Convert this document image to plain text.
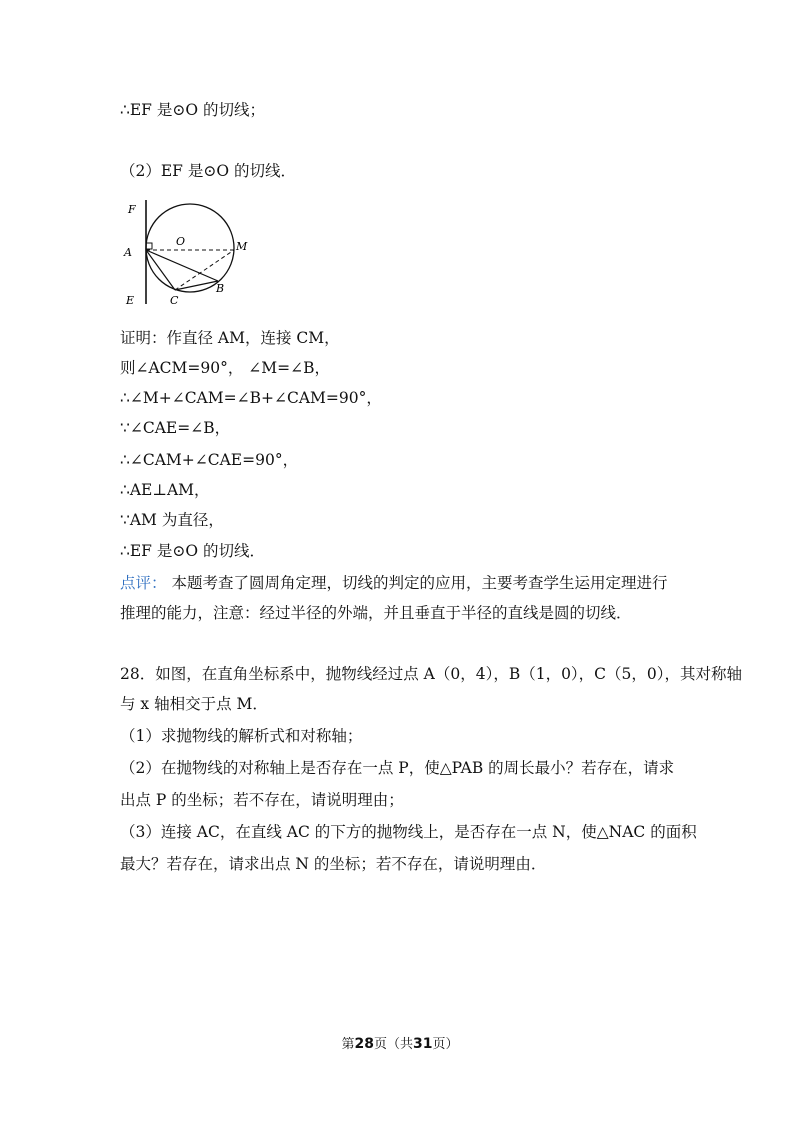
∴EF 是⊙O 的切线；
（2）EF 是⊙O 的切线．
F
A
E
O	M
C
B
证明：作直径 AM，连接 CM，
则∠ACM=90°， ∠M=∠B，
∴∠M+∠CAM=∠B+∠CAM=90°，
∵∠CAE=∠B，
∴∠CAM+∠CAE=90°，
∴AE⊥AM，
∵AM 为直径，
∴EF 是⊙O 的切线．
点评： 本题考查了圆周角定理，切线的判定的应用，主要考查学生运用定理进行
推理的能力，注意：经过半径的外端，并且垂直于半径的直线是圆的切线．
28．如图，在直角坐标系中，抛物线经过点 A（0，4），B（1，0），C（5，0），其对称轴
与 x 轴相交于点 M．
（1）求抛物线的解析式和对称轴；
（2）在抛物线的对称轴上是否存在一点 P，使△PAB 的周长最小？若存在，请求
出点 P 的坐标；若不存在，请说明理由；
（3）连接 AC，在直线 AC 的下方的抛物线上，是否存在一点 N，使△NAC 的面积
最大？若存在，请求出点 N 的坐标；若不存在，请说明理由．
第28页（共31页）
